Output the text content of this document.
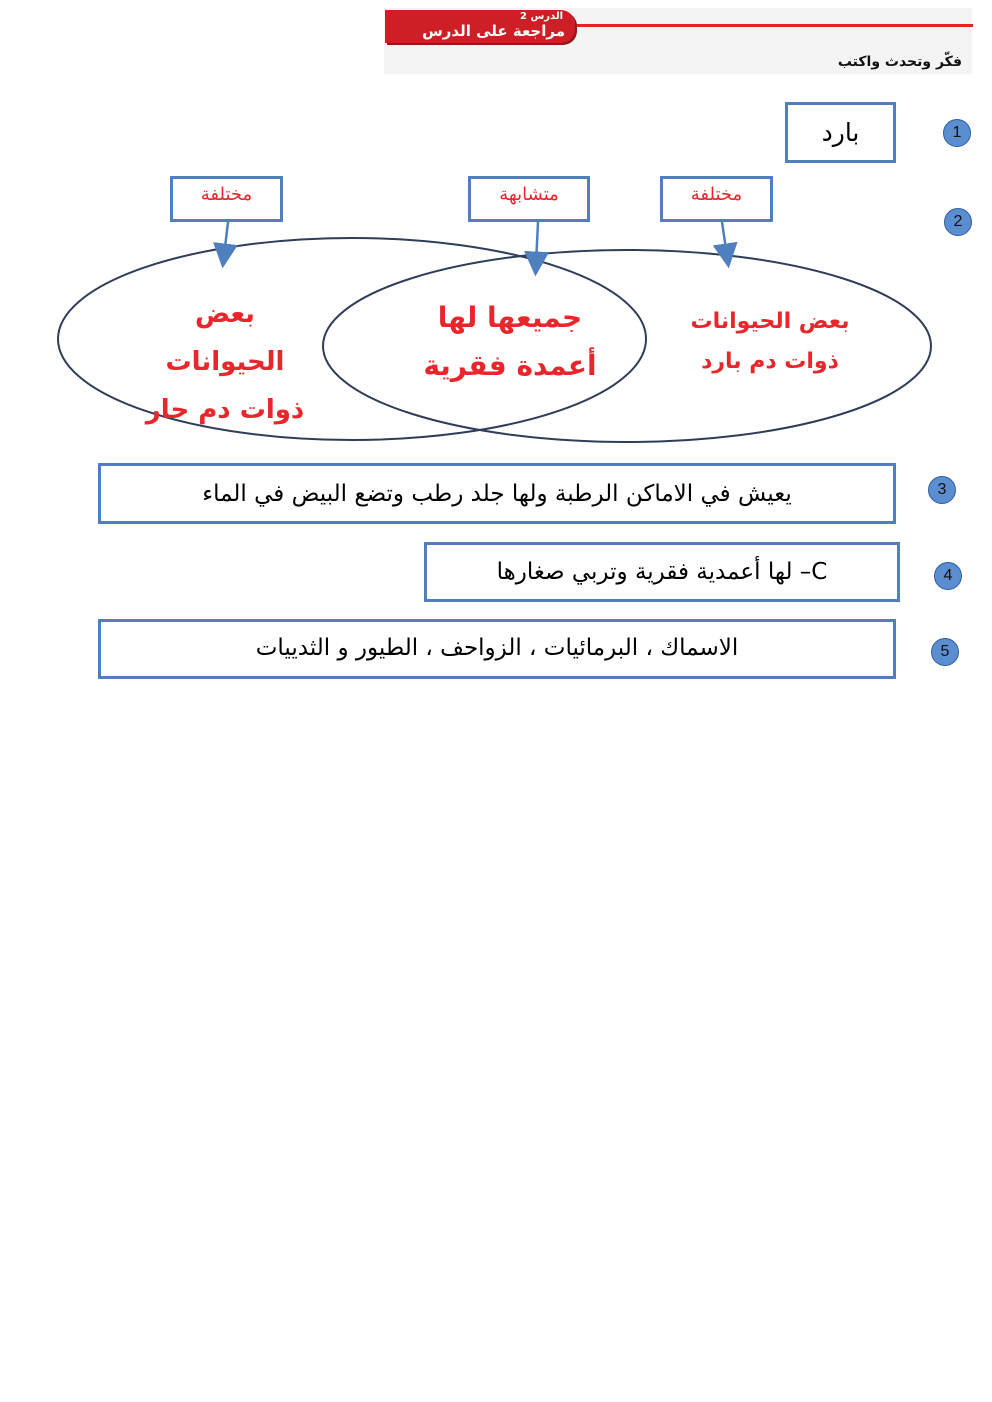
الدرس 2
مراجعة على الدرس
فكّر وتحدث واكتب
1
بارد
2
مختلفة	متشابهة	مختلفة
بعض
الحيوانات
ذوات دم حار
جميعها لها
أعمدة فقرية
بعض الحيوانات
ذوات دم بارد
3
يعيش في الاماكن الرطبة ولها جلد رطب وتضع البيض في الماء
4
C– لها أعمدية فقرية وتربي صغارها
5
الاسماك ، البرمائيات ، الزواحف ، الطيور و الثدييات
